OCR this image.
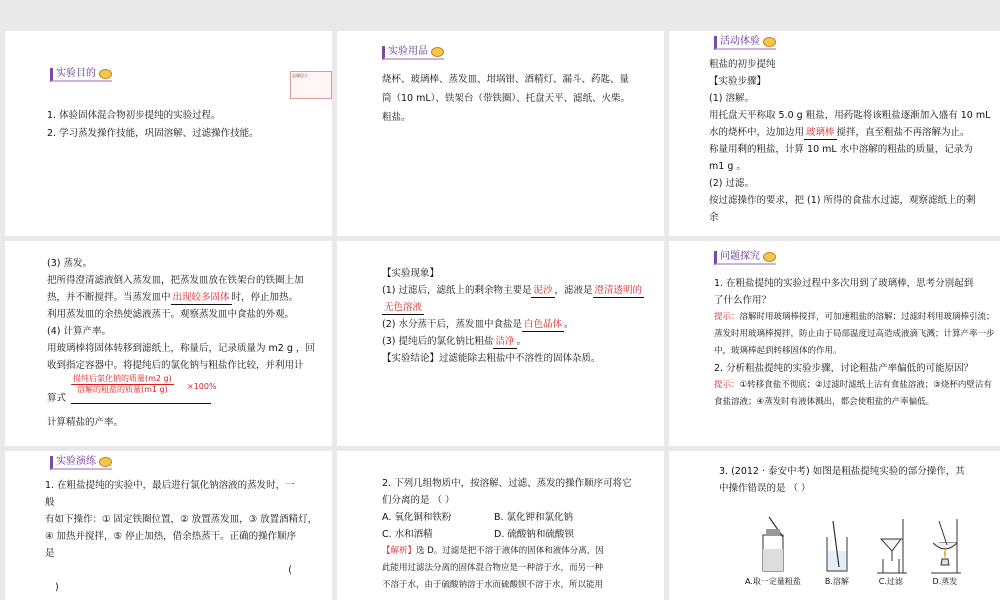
温馨提示
实验目的

1. 体验固体混合物初步提纯的实验过程。

2. 学习蒸发操作技能，巩固溶解、过滤操作技能。

实验用品

烧杯、玻璃棒、蒸发皿、坩埚钳、酒精灯、漏斗、药匙、量

筒（10 mL）、铁架台（带铁圈）、托盘天平、滤纸、火柴。

粗盐。

活动体验

粗盐的初步提纯

【实验步骤】

(1) 溶解。

用托盘天平称取 5.0 g 粗盐，用药匙将该粗盐逐渐加入盛有 10 mL

水的烧杯中，边加边用 玻璃棒 搅拌，直至粗盐不再溶解为止。

称量用剩的粗盐，计算 10 mL 水中溶解的粗盐的质量，记录为

m1 g 。

(2) 过滤。

按过滤操作的要求，把 (1) 所得的食盐水过滤，观察滤纸上的剩

余

(3) 蒸发。

把所得澄清滤液倒入蒸发皿，把蒸发皿放在铁架台的铁圈上加

热，并不断搅拌。当蒸发皿中 出现较多固体 时，停止加热。

利用蒸发皿的余热使滤液蒸干。观察蒸发皿中食盐的外观。

(4) 计算产率。

用玻璃棒将固体转移到滤纸上，称量后，记录质量为 m2 g ，回

收到指定容器中。将提纯后的氯化钠与粗盐作比较，并利用计

算式
提纯后氯化钠的质量(m2 g)
溶解的粗盐的质量(m1 g)	×100%

计算精盐的产率。

【实验现象】

(1) 过滤后，滤纸上的剩余物主要是 泥沙 ，滤液是 澄清透明的

无色溶液

(2) 水分蒸干后，蒸发皿中食盐是 白色晶体 。

(3) 提纯后的氯化钠比粗盐 洁净 。

【实验结论】过滤能除去粗盐中不溶性的固体杂质。

问题探究

1. 在粗盐提纯的实验过程中多次用到了玻璃棒，思考分别起到

了什么作用？

提示：溶解时用玻璃棒搅拌，可加速粗盐的溶解；过滤时利用玻璃棒引流；蒸发时用玻璃棒搅拌，防止由于局部温度过高造成液滴飞溅；计算产率一步中，玻璃棒起到转移固体的作用。

2. 分析粗盐提纯的实验步骤，讨论粗盐产率偏低的可能原因？

提示：①转移食盐不彻底；②过滤时滤纸上沾有食盐溶液；③烧杯内壁沾有食盐溶液；④蒸发时有液体溅出，都会使粗盐的产率偏低。

实验演练

1. 在粗盐提纯的实验中，最后进行氯化钠溶液的蒸发时，一

般

有如下操作：① 固定铁圈位置，② 放置蒸发皿，③ 放置酒精灯，

④ 加热并搅拌，⑤ 停止加热，借余热蒸干。正确的操作顺序

是

(

)

2. 下列几组物质中，按溶解、过滤、蒸发的操作顺序可将它

们分离的是 （ ）

A. 氧化铜和铁粉	B. 氯化钾和氯化钠

C. 水和酒精	D. 硫酸钠和硫酸钡

【解析】选 D。过滤是把不溶于液体的固体和液体分离，因

此能用过滤法分离的固体混合物应是一种溶于水，而另一种

不溶于水，由于硫酸钠溶于水而硫酸钡不溶于水，所以能用

3. (2012 · 泰安中考) 如图是粗盐提纯实验的部分操作，其

中操作错误的是 （ ）

A.取一定量粗盐	B.溶解	C.过滤	D.蒸发
